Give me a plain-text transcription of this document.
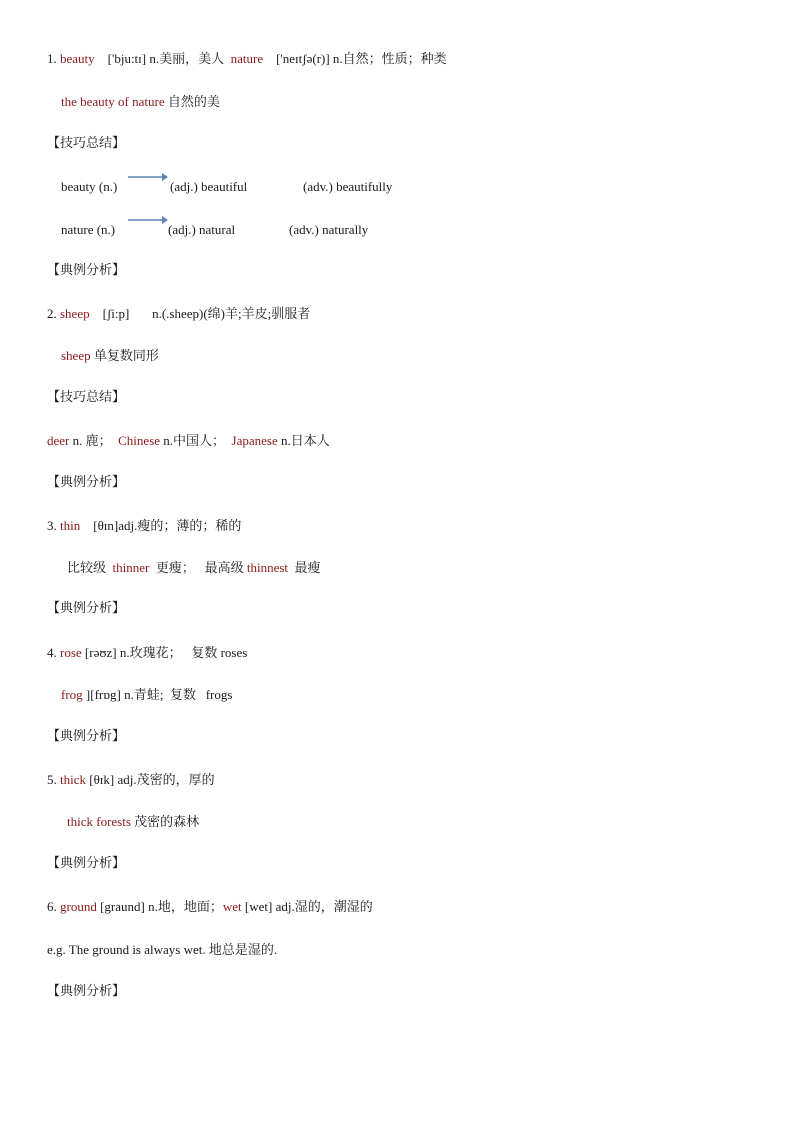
1. beauty    ['bju:tɪ] n.美丽，美人  nature    ['neɪtʃə(r)] n.自然；性质；种类
the beauty of nature 自然的美
【技巧总结】
beauty (n.)	(adj.) beautiful	(adv.) beautifully
nature (n.)	(adj.) natural	(adv.) naturally
【典例分析】
2. sheep    [ʃi:p]       n.(.sheep)(绵)羊;羊皮;驯服者
sheep 单复数同形
【技巧总结】
deer n. 鹿；  Chinese n.中国人；  Japanese n.日本人
【典例分析】
3. thin    [θɪn]adj.瘦的；薄的；稀的
比较级  thinner  更瘦；   最高级 thinnest  最瘦
【典例分析】
4. rose [rəʊz] n.玫瑰花；   复数 roses
frog ][frɒg] n.青蛙;  复数   frogs
【典例分析】
5. thick [θɪk] adj.茂密的，厚的
thick forests 茂密的森林
【典例分析】
6. ground [graund] n.地，地面；wet [wet] adj.湿的，潮湿的
e.g. The ground is always wet. 地总是湿的.
【典例分析】
